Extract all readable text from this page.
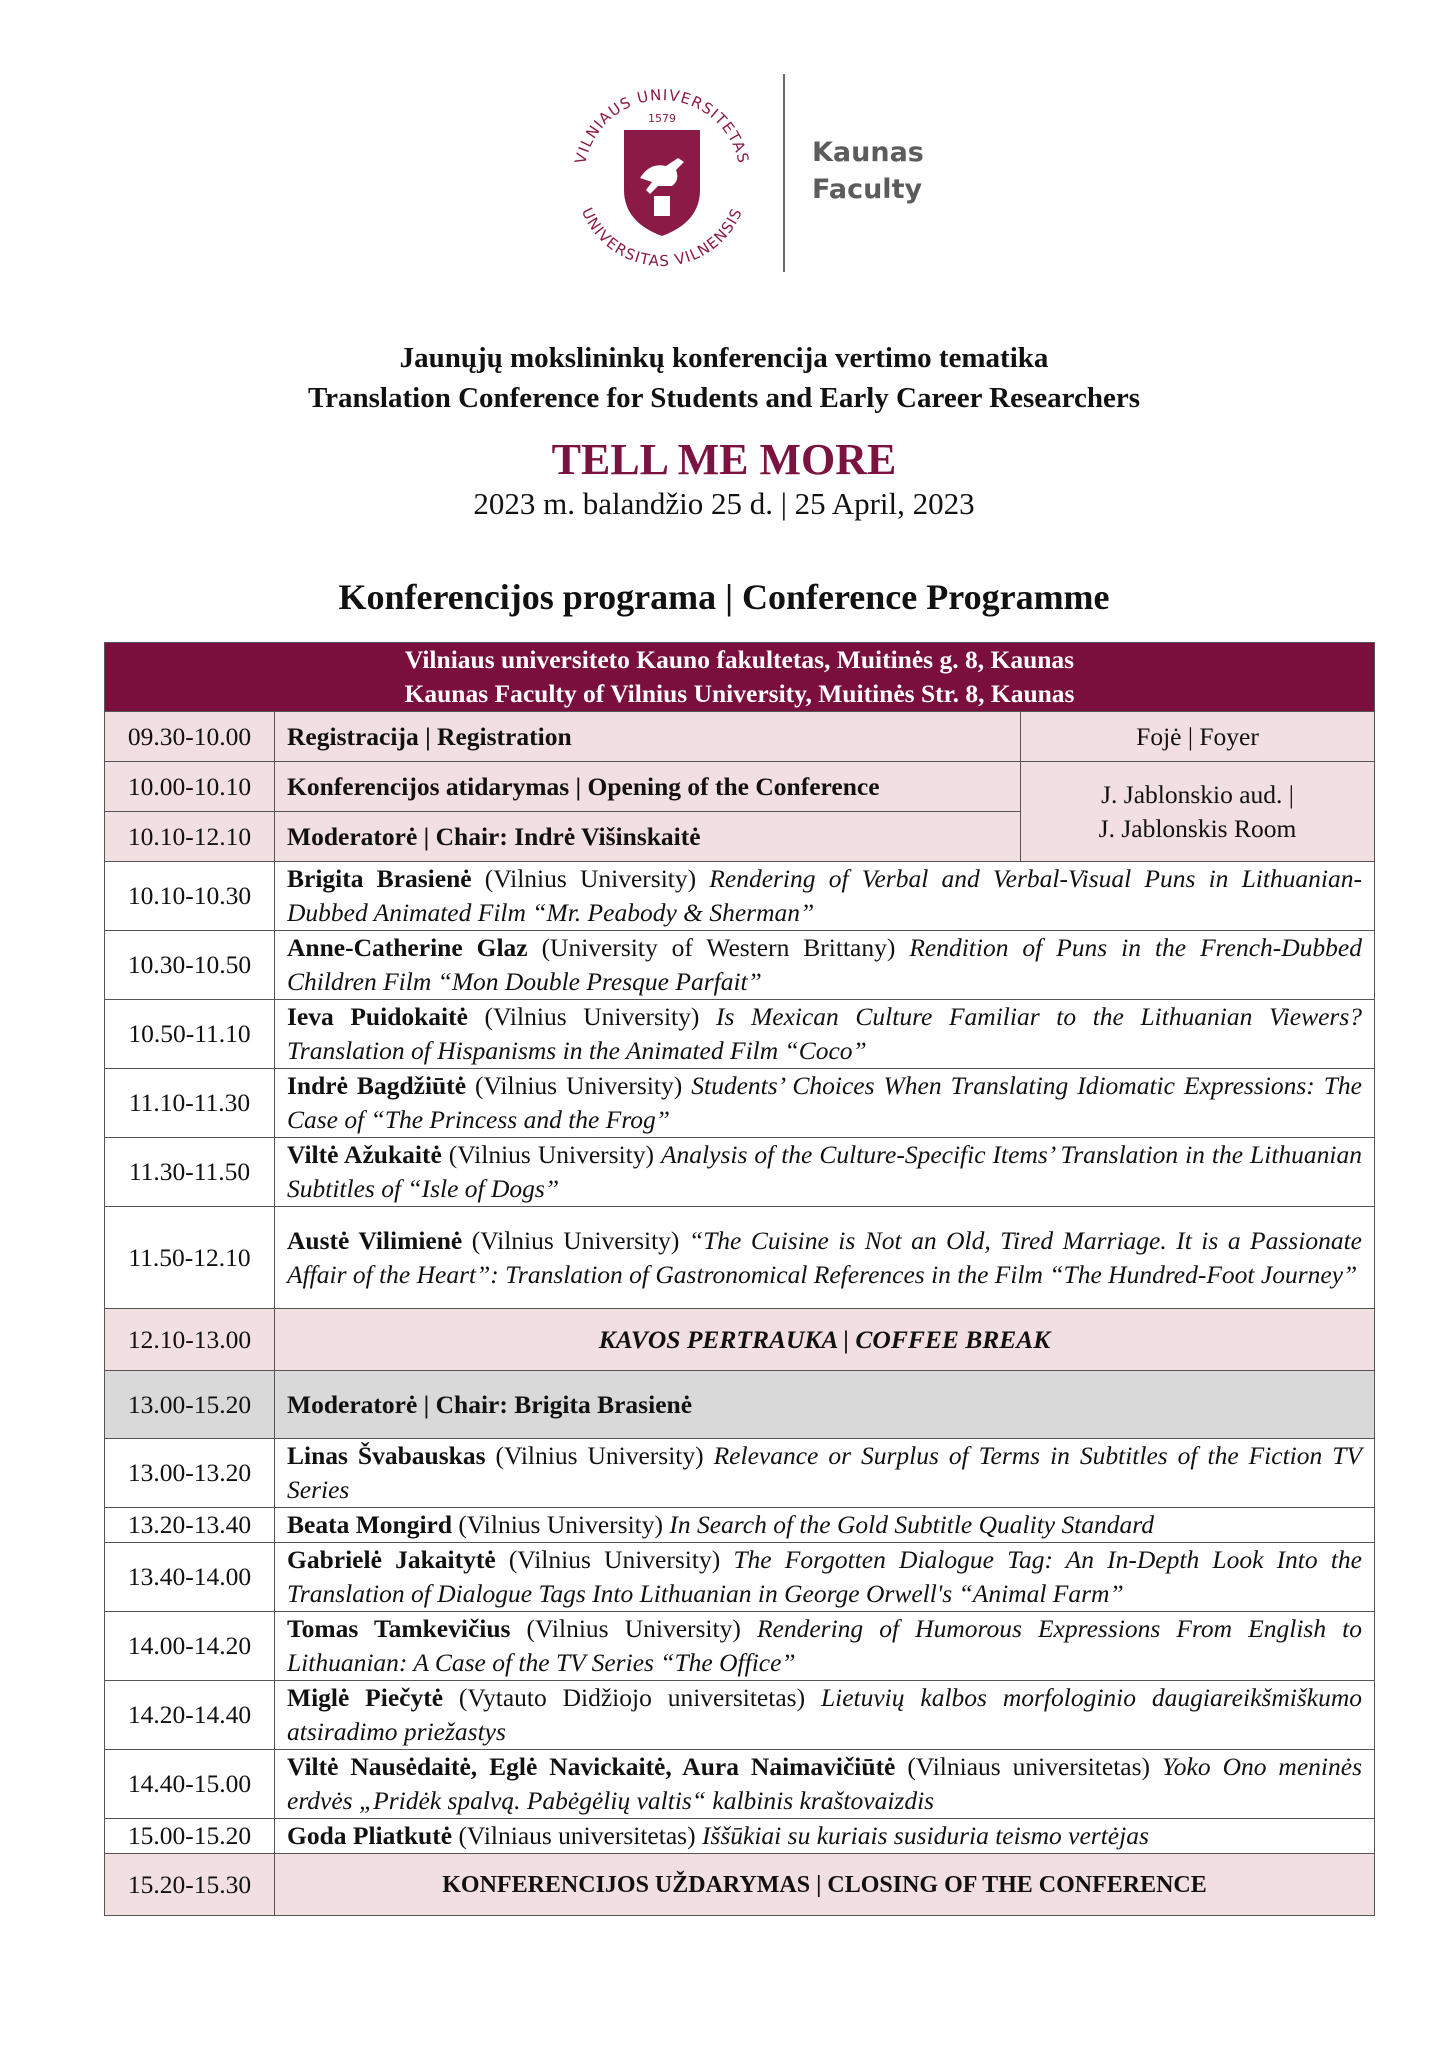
VILNIAUS UNIVERSITETAS
UNIVERSITAS VILNENSIS
1579
Kaunas
Faculty
Jaunųjų mokslininkų konferencija vertimo tematika
Translation Conference for Students and Early Career Researchers
TELL ME MORE
2023 m. balandžio 25 d. | 25 April, 2023
Konferencijos programa | Conference Programme
Vilniaus universiteto Kauno fakultetas, Muitinės g. 8, Kaunas
Kaunas Faculty of Vilnius University, Muitinės Str. 8, Kaunas		

09.30-10.00	Registracija | Registration	Fojė | Foyer
10.00-10.10	Konferencijos atidarymas | Opening of the Conference	J. Jablonskio aud. |
J. Jablonskis Room

10.10-12.10	Moderatorė | Chair: Indrė Višinskaitė	
10.10-10.30	Brigita Brasienė (Vilnius University) Rendering of Verbal and Verbal-Visual Puns in Lithuanian-Dubbed Animated Film “Mr. Peabody & Sherman”	
10.30-10.50	Anne-Catherine Glaz (University of Western Brittany) Rendition of Puns in the French-Dubbed Children Film “Mon Double Presque Parfait”	
10.50-11.10	Ieva Puidokaitė (Vilnius University) Is Mexican Culture Familiar to the Lithuanian Viewers? Translation of Hispanisms in the Animated Film “Coco”	
11.10-11.30	Indrė Bagdžiūtė (Vilnius University) Students’ Choices When Translating Idiomatic Expressions: The Case of “The Princess and the Frog”	
11.30-11.50	Viltė Ažukaitė (Vilnius University) Analysis of the Culture-Specific Items’ Translation in the Lithuanian Subtitles of “Isle of Dogs”	
11.50-12.10	Austė Vilimienė (Vilnius University) “The Cuisine is Not an Old, Tired Marriage. It is a Passionate Affair of the Heart”: Translation of Gastronomical References in the Film “The Hundred-Foot Journey”	
12.10-13.00	KAVOS PERTRAUKA | COFFEE BREAK	
13.00-15.20	Moderatorė | Chair: Brigita Brasienė	
13.00-13.20	Linas Švabauskas (Vilnius University) Relevance or Surplus of Terms in Subtitles of the Fiction TV Series	
13.20-13.40	Beata Mongird (Vilnius University) In Search of the Gold Subtitle Quality Standard	
13.40-14.00	Gabrielė Jakaitytė (Vilnius University) The Forgotten Dialogue Tag: An In-Depth Look Into the Translation of Dialogue Tags Into Lithuanian in George Orwell's “Animal Farm”	
14.00-14.20	Tomas Tamkevičius (Vilnius University) Rendering of Humorous Expressions From English to Lithuanian: A Case of the TV Series “The Office”	
14.20-14.40	Miglė Piečytė (Vytauto Didžiojo universitetas) Lietuvių kalbos morfologinio daugiareikšmiškumo atsiradimo priežastys	
14.40-15.00	Viltė Nausėdaitė, Eglė Navickaitė, Aura Naimavičiūtė (Vilniaus universitetas) Yoko Ono meninės erdvės „Pridėk spalvą. Pabėgėlių valtis“ kalbinis kraštovaizdis	
15.00-15.20	Goda Pliatkutė (Vilniaus universitetas) Iššūkiai su kuriais susiduria teismo vertėjas	
15.20-15.30	KONFERENCIJOS UŽDARYMAS | CLOSING OF THE CONFERENCE	
